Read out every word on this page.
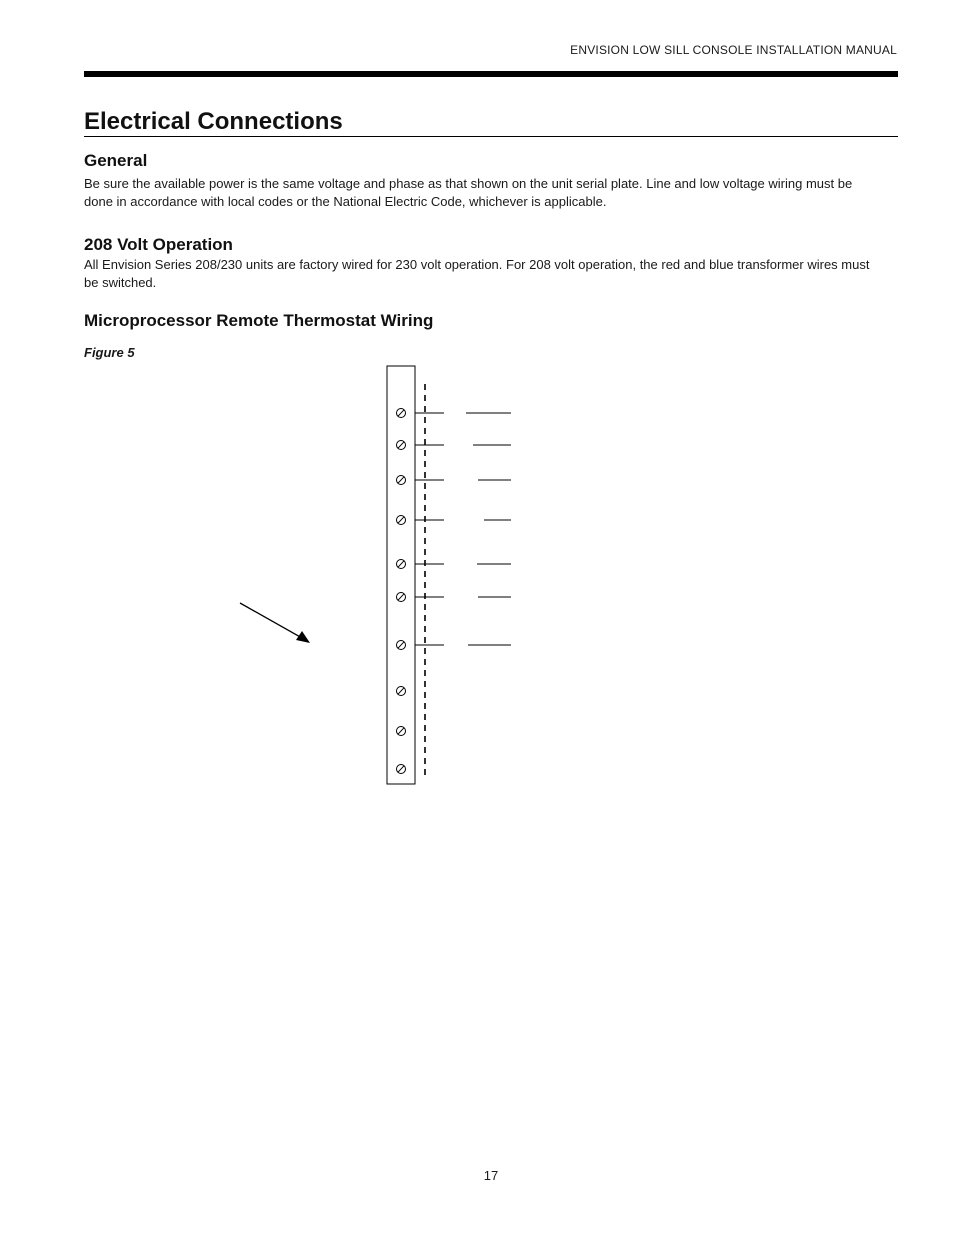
ENVISION LOW SILL CONSOLE INSTALLATION MANUAL
Electrical Connections
General

Be sure the available power is the same voltage and phase as that shown on the unit serial plate. Line and low voltage wiring must be done in accordance with local codes or the National Electric Code, whichever is applicable.

208 Volt Operation

All Envision Series 208/230 units are factory wired for 230 volt operation. For 208 volt operation, the red and blue transformer wires must be switched.

Microprocessor Remote Thermostat Wiring
Figure 5
17
